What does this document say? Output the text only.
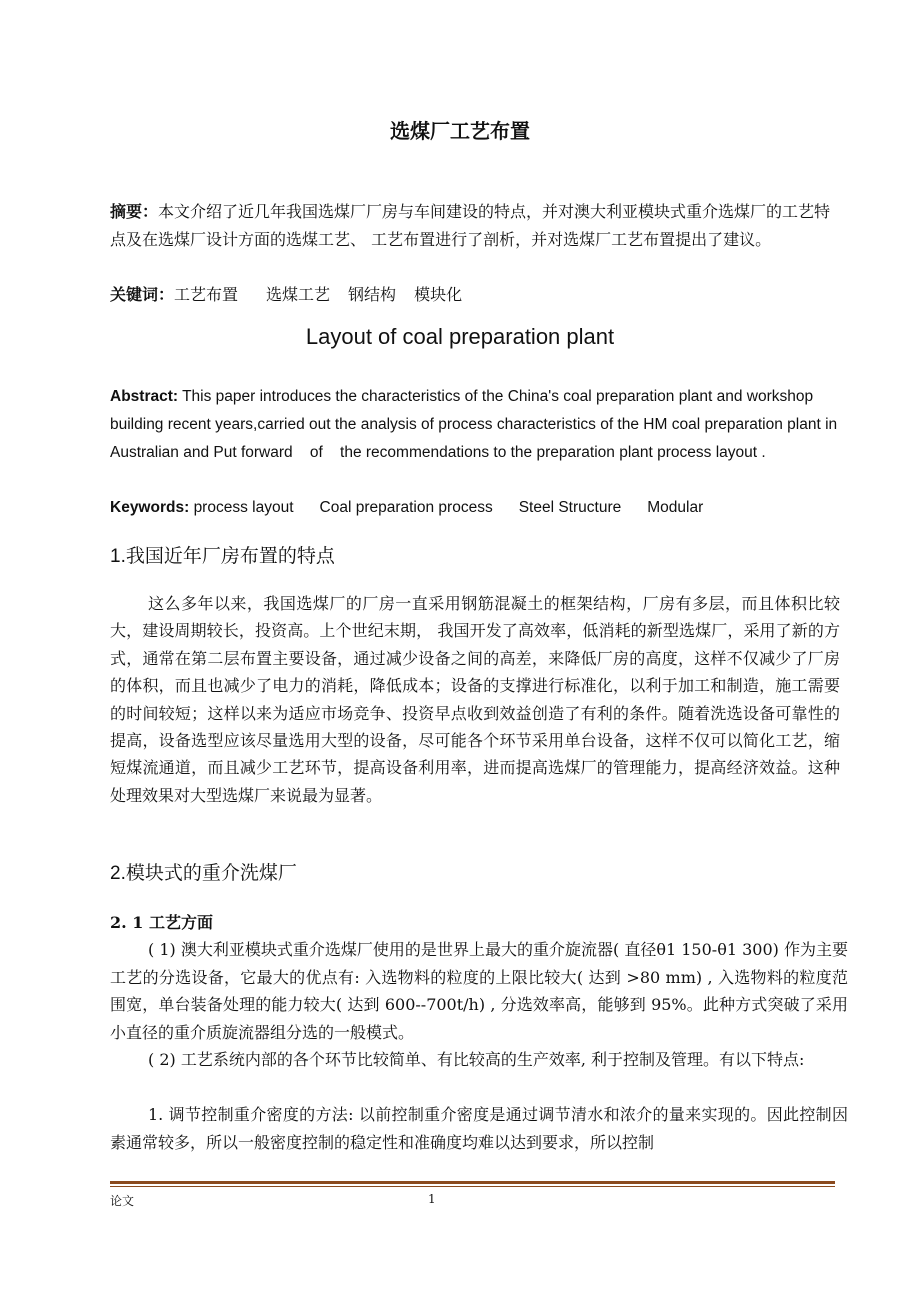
选煤厂工艺布置
摘要：本文介绍了近几年我国选煤厂厂房与车间建设的特点，并对澳大利亚模块式重介选煤厂的工艺特点及在选煤厂设计方面的选煤工艺、 工艺布置进行了剖析，并对选煤厂工艺布置提出了建议。
关键词：工艺布置 选煤工艺 钢结构 模块化
Layout of coal preparation plant
Abstract: This paper introduces the characteristics of the China's coal preparation plant and workshop building recent years,carried out the analysis of process characteristics of the HM coal preparation plant in Australian and Put forward    of    the recommendations to the preparation plant process layout .
Keywords: process layout Coal preparation process Steel Structure Modular
1.我国近年厂房布置的特点
这么多年以来，我国选煤厂的厂房一直采用钢筋混凝土的框架结构，厂房有多层，而且体积比较大，建设周期较长，投资高。上个世纪末期， 我国开发了高效率，低消耗的新型选煤厂，采用了新的方式，通常在第二层布置主要设备，通过减少设备之间的高差，来降低厂房的高度，这样不仅减少了厂房的体积，而且也减少了电力的消耗，降低成本；设备的支撑进行标准化，以利于加工和制造，施工需要的时间较短；这样以来为适应市场竞争、投资早点收到效益创造了有利的条件。随着洗选设备可靠性的提高，设备选型应该尽量选用大型的设备，尽可能各个环节采用单台设备，这样不仅可以简化工艺，缩短煤流通道，而且减少工艺环节，提高设备利用率，进而提高选煤厂的管理能力，提高经济效益。这种处理效果对大型选煤厂来说最为显著。
2.模块式的重介洗煤厂
2. 1 工艺方面
( 1) 澳大利亚模块式重介选煤厂使用的是世界上最大的重介旋流器( 直径θ1 150-θ1 300) 作为主要工艺的分选设备，它最大的优点有: 入选物料的粒度的上限比较大( 达到 >80 mm) , 入选物料的粒度范围宽，单台装备处理的能力较大( 达到 600--700t/h) , 分选效率高，能够到 95%。此种方式突破了采用小直径的重介质旋流器组分选的一般模式。
( 2) 工艺系统内部的各个环节比较简单、有比较高的生产效率, 利于控制及管理。有以下特点:
1. 调节控制重介密度的方法: 以前控制重介密度是通过调节清水和浓介的量来实现的。因此控制因素通常较多，所以一般密度控制的稳定性和准确度均难以达到要求，所以控制
论文	1
